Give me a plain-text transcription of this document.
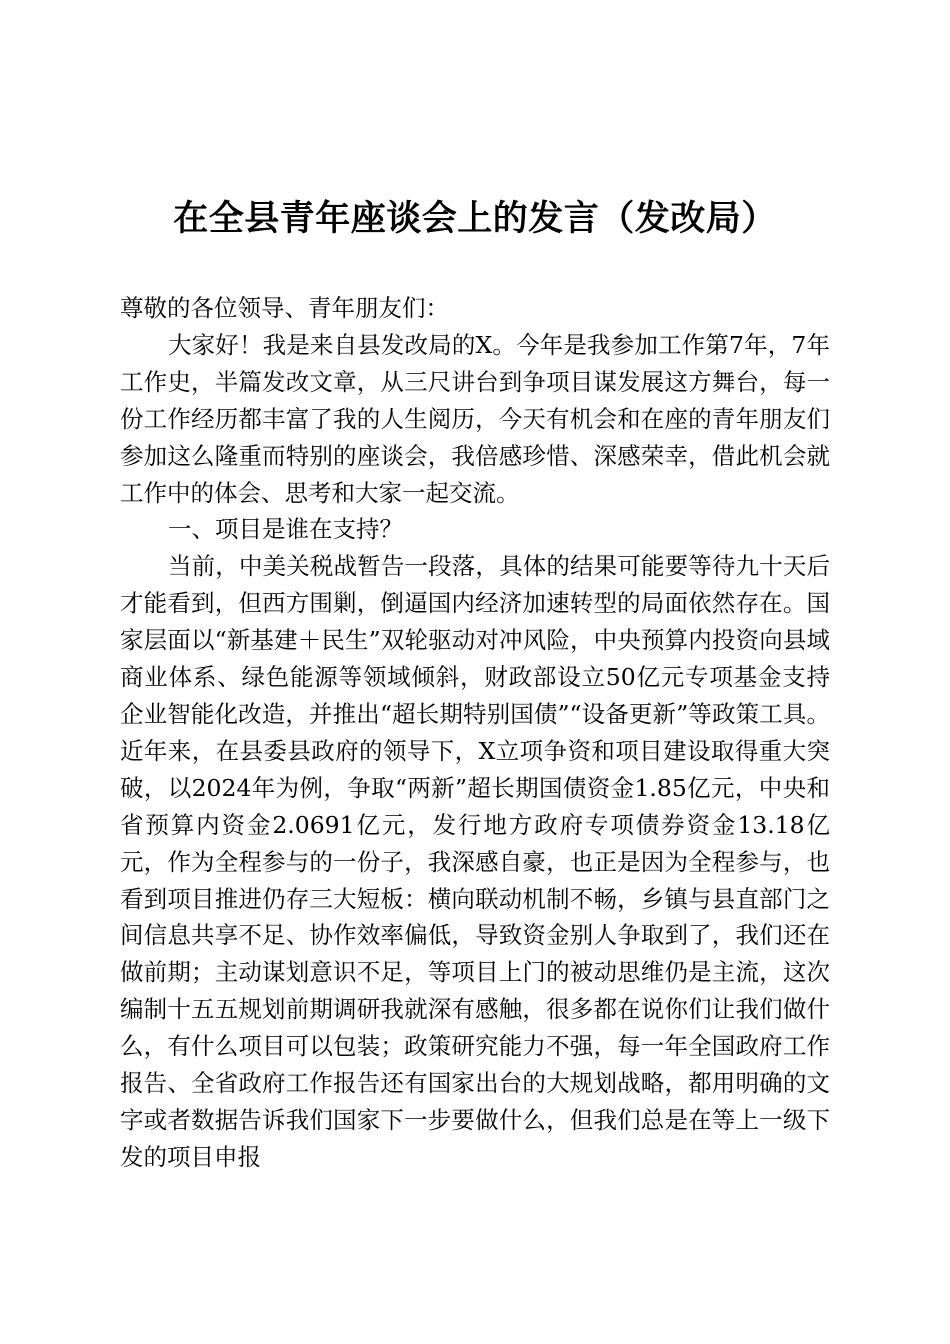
在全县青年座谈会上的发言（发改局）

尊敬的各位领导、青年朋友们：

大家好！我是来自县发改局的X。今年是我参加工作第7年，7年工作史，半篇发改文章，从三尺讲台到争项目谋发展这方舞台，每一份工作经历都丰富了我的人生阅历，今天有机会和在座的青年朋友们参加这么隆重而特别的座谈会，我倍感珍惜、深感荣幸，借此机会就工作中的体会、思考和大家一起交流。

一、项目是谁在支持？

当前，中美关税战暂告一段落，具体的结果可能要等待九十天后才能看到，但西方围剿，倒逼国内经济加速转型的局面依然存在。国家层面以“新基建＋民生”双轮驱动对冲风险，中央预算内投资向县域商业体系、绿色能源等领域倾斜，财政部设立50亿元专项基金支持企业智能化改造，并推出“超长期特别国债”“设备更新”等政策工具。近年来，在县委县政府的领导下，X立项争资和项目建设取得重大突破，以2024年为例，争取“两新”超长期国债资金1.85亿元，中央和省预算内资金2.0691亿元，发行地方政府专项债券资金13.18亿元，作为全程参与的一份子，我深感自豪，也正是因为全程参与，也看到项目推进仍存三大短板：横向联动机制不畅，乡镇与县直部门之间信息共享不足、协作效率偏低，导致资金别人争取到了，我们还在做前期；主动谋划意识不足，等项目上门的被动思维仍是主流，这次编制十五五规划前期调研我就深有感触，很多都在说你们让我们做什么，有什么项目可以包装；政策研究能力不强，每一年全国政府工作报告、全省政府工作报告还有国家出台的大规划战略，都用明确的文字或者数据告诉我们国家下一步要做什么，但我们总是在等上一级下发的项目申报
